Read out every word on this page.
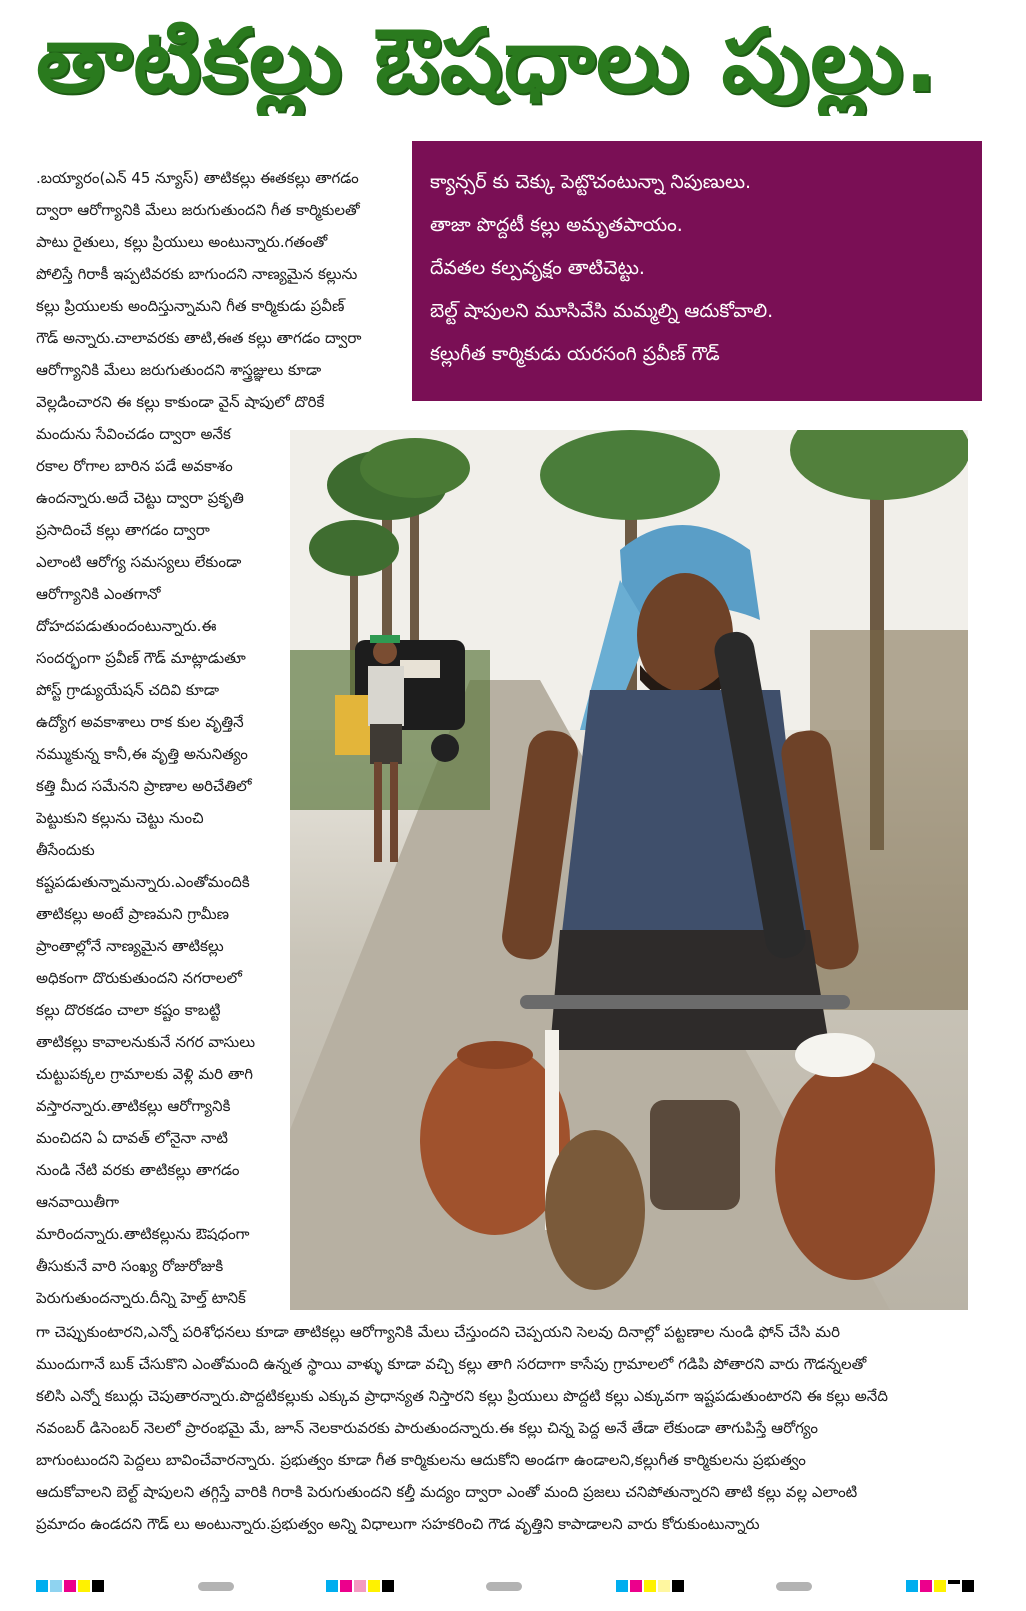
తాటికల్లు ఔషధాలు పుల్లు.
క్యాన్సర్ కు చెక్కు పెట్టొచంటున్నా నిపుణులు.
తాజా పొద్దటీ కల్లు అమృతపాయం.
దేవతల కల్పవృక్షం తాటిచెట్టు.
బెల్ట్ షాపులని మూసివేసి మమ్మల్ని ఆదుకోవాలి.
కల్లుగీత కార్మికుడు యరసంగి ప్రవీణ్ గౌడ్
.బయ్యారం(ఎన్ 45 న్యూస్) తాటికల్లు ఈతకల్లు తాగడం
ద్వారా ఆరోగ్యానికి మేలు జరుగుతుందని గీత కార్మికులతో
పాటు రైతులు, కల్లు ప్రియులు అంటున్నారు.గతంతో
పోలిస్తే గిరాకీ ఇప్పటివరకు బాగుందని నాణ్యమైన కల్లును
కల్లు ప్రియులకు అందిస్తున్నామని గీత కార్మికుడు ప్రవీణ్
గౌడ్ అన్నారు.చాలావరకు తాటి,ఈత కల్లు తాగడం ద్వారా
ఆరోగ్యానికి మేలు జరుగుతుందని శాస్త్రజ్ఞులు కూడా
వెల్లడించారని ఈ కల్లు కాకుండా వైన్ షాపులో దొరికే
మందును సేవించడం ద్వారా అనేక
రకాల రోగాల బారిన పడే అవకాశం
ఉందన్నారు.అదే చెట్టు ద్వారా ప్రకృతి
ప్రసాదించే కల్లు తాగడం ద్వారా
ఎలాంటి ఆరోగ్య సమస్యలు లేకుండా
ఆరోగ్యానికి ఎంతగానో
దోహదపడుతుందంటున్నారు.ఈ
సందర్భంగా ప్రవీణ్ గౌడ్ మాట్లాడుతూ
పోస్ట్ గ్రాడ్యుయేషన్ చదివి కూడా
ఉద్యోగ అవకాశాలు రాక కుల వృత్తినే
నమ్ముకున్న కానీ,ఈ వృత్తి అనునిత్యం
కత్తి మీద సమేనని ప్రాణాల అరిచేతిలో
పెట్టుకుని కల్లును చెట్టు నుంచి
తీసేందుకు
కష్టపడుతున్నామన్నారు.ఎంతోమందికి
తాటికల్లు అంటే ప్రాణమని గ్రామీణ
ప్రాంతాల్లోనే నాణ్యమైన తాటికల్లు
అధికంగా దొరుకుతుందని నగరాలలో
కల్లు దొరకడం చాలా కష్టం కాబట్టి
తాటికల్లు కావాలనుకునే నగర వాసులు
చుట్టుపక్కల గ్రామాలకు వెళ్లి మరి తాగి
వస్తారన్నారు.తాటికల్లు ఆరోగ్యానికి
మంచిదని ఏ దావత్ లోనైనా నాటి
నుండి నేటి వరకు తాటికల్లు తాగడం
ఆనవాయితీగా
మారిందన్నారు.తాటికల్లును ఔషధంగా
తీసుకునే వారి సంఖ్య రోజురోజుకి
పెరుగుతుందన్నారు.దీన్ని హెల్త్ టానిక్
గా చెప్పుకుంటారని,ఎన్నో పరిశోధనలు కూడా తాటికల్లు ఆరోగ్యానికి మేలు చేస్తుందని చెప్పయని సెలవు దినాల్లో పట్టణాల నుండి ఫోన్ చేసి మరి
ముందుగానే బుక్ చేసుకొని ఎంతోమంది ఉన్నత స్థాయి వాళ్ళు కూడా వచ్చి కల్లు తాగి సరదాగా కాసేపు గ్రామాలలో గడిపి పోతారని వారు గౌడన్నలతో
కలిసి ఎన్నో కబుర్లు చెపుతారన్నారు.పొద్దటికల్లుకు ఎక్కువ ప్రాధాన్యత నిస్తారని కల్లు ప్రియులు పొద్దటి కల్లు ఎక్కువగా ఇష్టపడుతుంటారని ఈ కల్లు అనేది
నవంబర్ డిసెంబర్ నెలలో ప్రారంభమై మే, జూన్ నెలకారువరకు పారుతుందన్నారు.ఈ కల్లు చిన్న పెద్ద అనే తేడా లేకుండా తాగుపిస్తే ఆరోగ్యం
బాగుంటుందని పెద్దలు బావించేవారన్నారు. ప్రభుత్వం కూడా గీత కార్మికులను ఆదుకోని అండగా ఉండాలని,కల్లుగీత కార్మికులను ప్రభుత్వం
ఆదుకోవాలని బెల్ట్ షాపులని తగ్గిస్తే వారికి గిరాకి పెరుగుతుందని కల్తీ మద్యం ద్వారా ఎంతో మంది ప్రజలు చనిపోతున్నారని తాటి కల్లు వల్ల ఎలాంటి
ప్రమాదం ఉండదని గౌడ్ లు అంటున్నారు.ప్రభుత్వం అన్ని విధాలుగా సహకరించి గౌడ వృత్తిని కాపాడాలని వారు కోరుకుంటున్నారు
